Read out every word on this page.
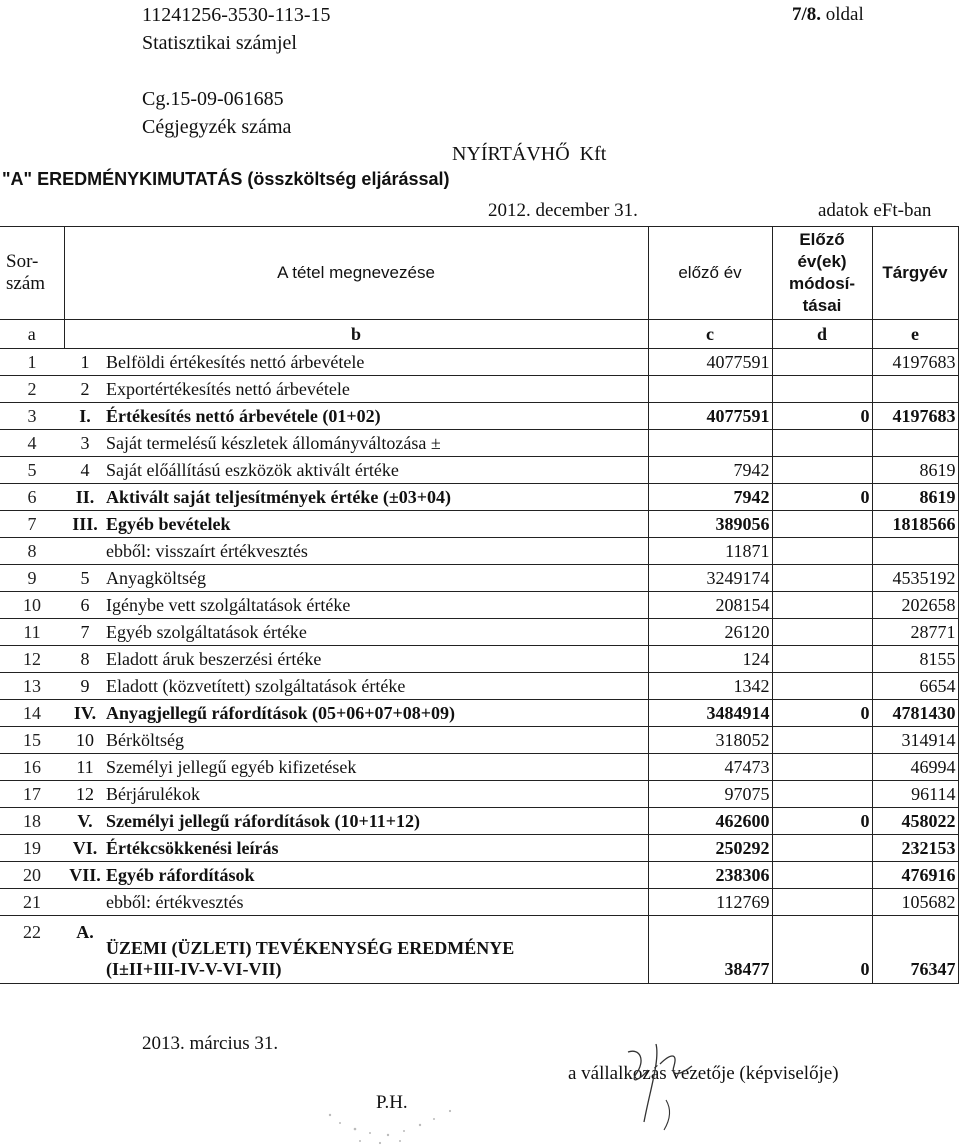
11241256-3530-113-15
Statisztikai számjel
7/8. oldal
Cg.15-09-061685
Cégjegyzék száma
NYÍRTÁVHŐ  Kft
"A" EREDMÉNYKIMUTATÁS (összköltség eljárással)
2012. december 31.	adatok eFt-ban
Sor-
szám	A tétel megnevezése		előző év	Előző
év(ek)
módosí-
tásai	Tárgyév
a	b		c	d	e
1	1	Belföldi értékesítés nettó árbevétele	4077591		4197683
2	2	Exportértékesítés nettó árbevétele			
3	I.	Értékesítés nettó árbevétele (01+02)	4077591	0	4197683
4	3	Saját termelésű készletek állományváltozása ±			
5	4	Saját előállítású eszközök aktivált értéke	7942		8619
6	II.	Aktivált saját teljesítmények értéke (±03+04)	7942	0	8619
7	III.	Egyéb bevételek	389056		1818566
8		ebből: visszaírt értékvesztés	11871		
9	5	Anyagköltség	3249174		4535192
10	6	Igénybe vett szolgáltatások értéke	208154		202658
11	7	Egyéb szolgáltatások értéke	26120		28771
12	8	Eladott áruk beszerzési értéke	124		8155
13	9	Eladott (közvetített) szolgáltatások értéke	1342		6654
14	IV.	Anyagjellegű ráfordítások (05+06+07+08+09)	3484914	0	4781430
15	10	Bérköltség	318052		314914
16	11	Személyi jellegű egyéb kifizetések	47473		46994
17	12	Bérjárulékok	97075		96114
18	V.	Személyi jellegű ráfordítások (10+11+12)	462600	0	458022
19	VI.	Értékcsökkenési leírás	250292		232153
20	VII.	Egyéb ráfordítások	238306		476916
21		ebből: értékvesztés	112769		105682
22	A.	ÜZEMI (ÜZLETI) TEVÉKENYSÉG EREDMÉNYE
(I±II+III-IV-V-VI-VII)	38477	0	76347
2013. március 31.
P.H.
a vállalkozás vezetője (képviselője)
